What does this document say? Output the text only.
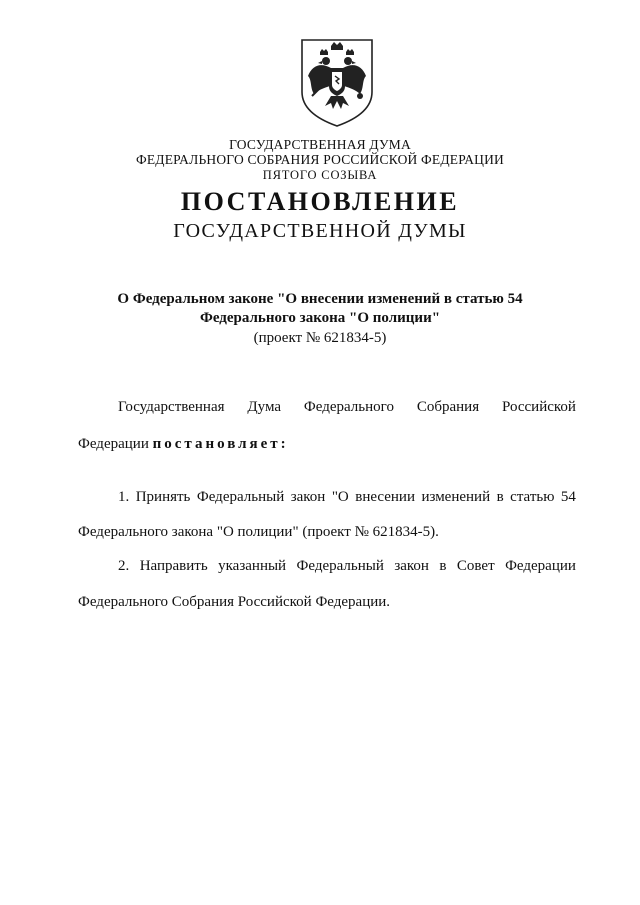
ГОСУДАРСТВЕННАЯ ДУМА
ФЕДЕРАЛЬНОГО СОБРАНИЯ РОССИЙСКОЙ ФЕДЕРАЦИИ
ПЯТОГО СОЗЫВА
ПОСТАНОВЛЕНИЕ
ГОСУДАРСТВЕННОЙ ДУМЫ
О Федеральном законе "О внесении изменений в статью 54
Федерального закона "О полиции"
(проект № 621834-5)
Государственная Дума Федерального Собрания Российской
Федерации постановляет:
1. Принять Федеральный закон "О внесении изменений в статью 54
Федерального закона "О полиции" (проект № 621834-5).
2. Направить указанный Федеральный закон в Совет Федерации
Федерального Собрания Российской Федерации.
